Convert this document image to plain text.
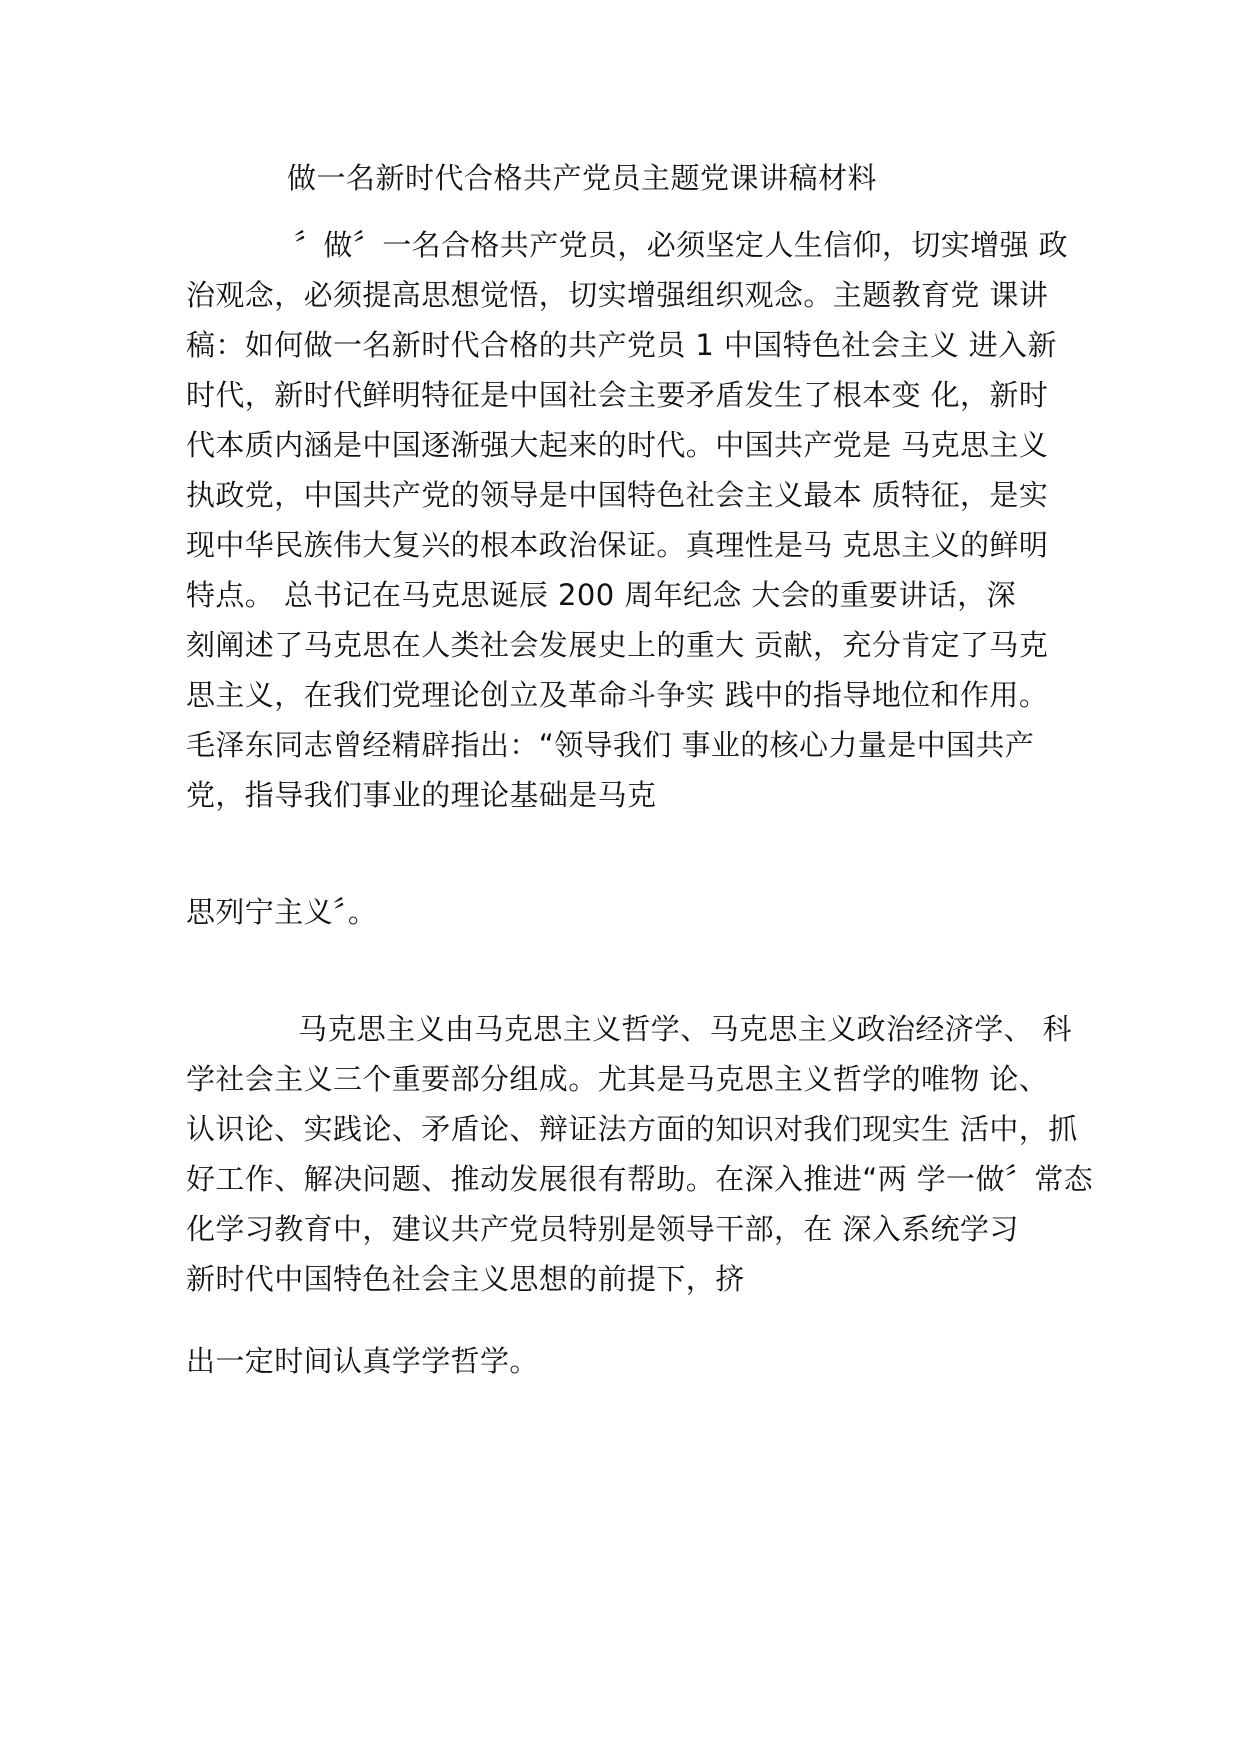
做一名新时代合格共产党员主题党课讲稿材料
〞做〞一名合格共产党员，必须坚定人生信仰，切实增强 政
治观念，必须提高思想觉悟，切实增强组织观念。主题教育党 课讲
稿：如何做一名新时代合格的共产党员 1 中国特色社会主义 进入新
时代，新时代鲜明特征是中国社会主要矛盾发生了根本变 化，新时
代本质内涵是中国逐渐强大起来的时代。中国共产党是 马克思主义
执政党，中国共产党的领导是中国特色社会主义最本 质特征，是实
现中华民族伟大复兴的根本政治保证。真理性是马 克思主义的鲜明
特点。 总书记在马克思诞辰 200 周年纪念 大会的重要讲话，深
刻阐述了马克思在人类社会发展史上的重大 贡献，充分肯定了马克
思主义，在我们党理论创立及革命斗争实 践中的指导地位和作用。
毛泽东同志曾经精辟指出：“领导我们 事业的核心力量是中国共产
党，指导我们事业的理论基础是马克
思列宁主义〞。
马克思主义由马克思主义哲学、马克思主义政治经济学、 科
学社会主义三个重要部分组成。尤其是马克思主义哲学的唯物 论、
认识论、实践论、矛盾论、辩证法方面的知识对我们现实生 活中，抓
好工作、解决问题、推动发展很有帮助。在深入推进“两 学一做〞常态
化学习教育中，建议共产党员特别是领导干部，在 深入系统学习
新时代中国特色社会主义思想的前提下，挤
出一定时间认真学学哲学。
